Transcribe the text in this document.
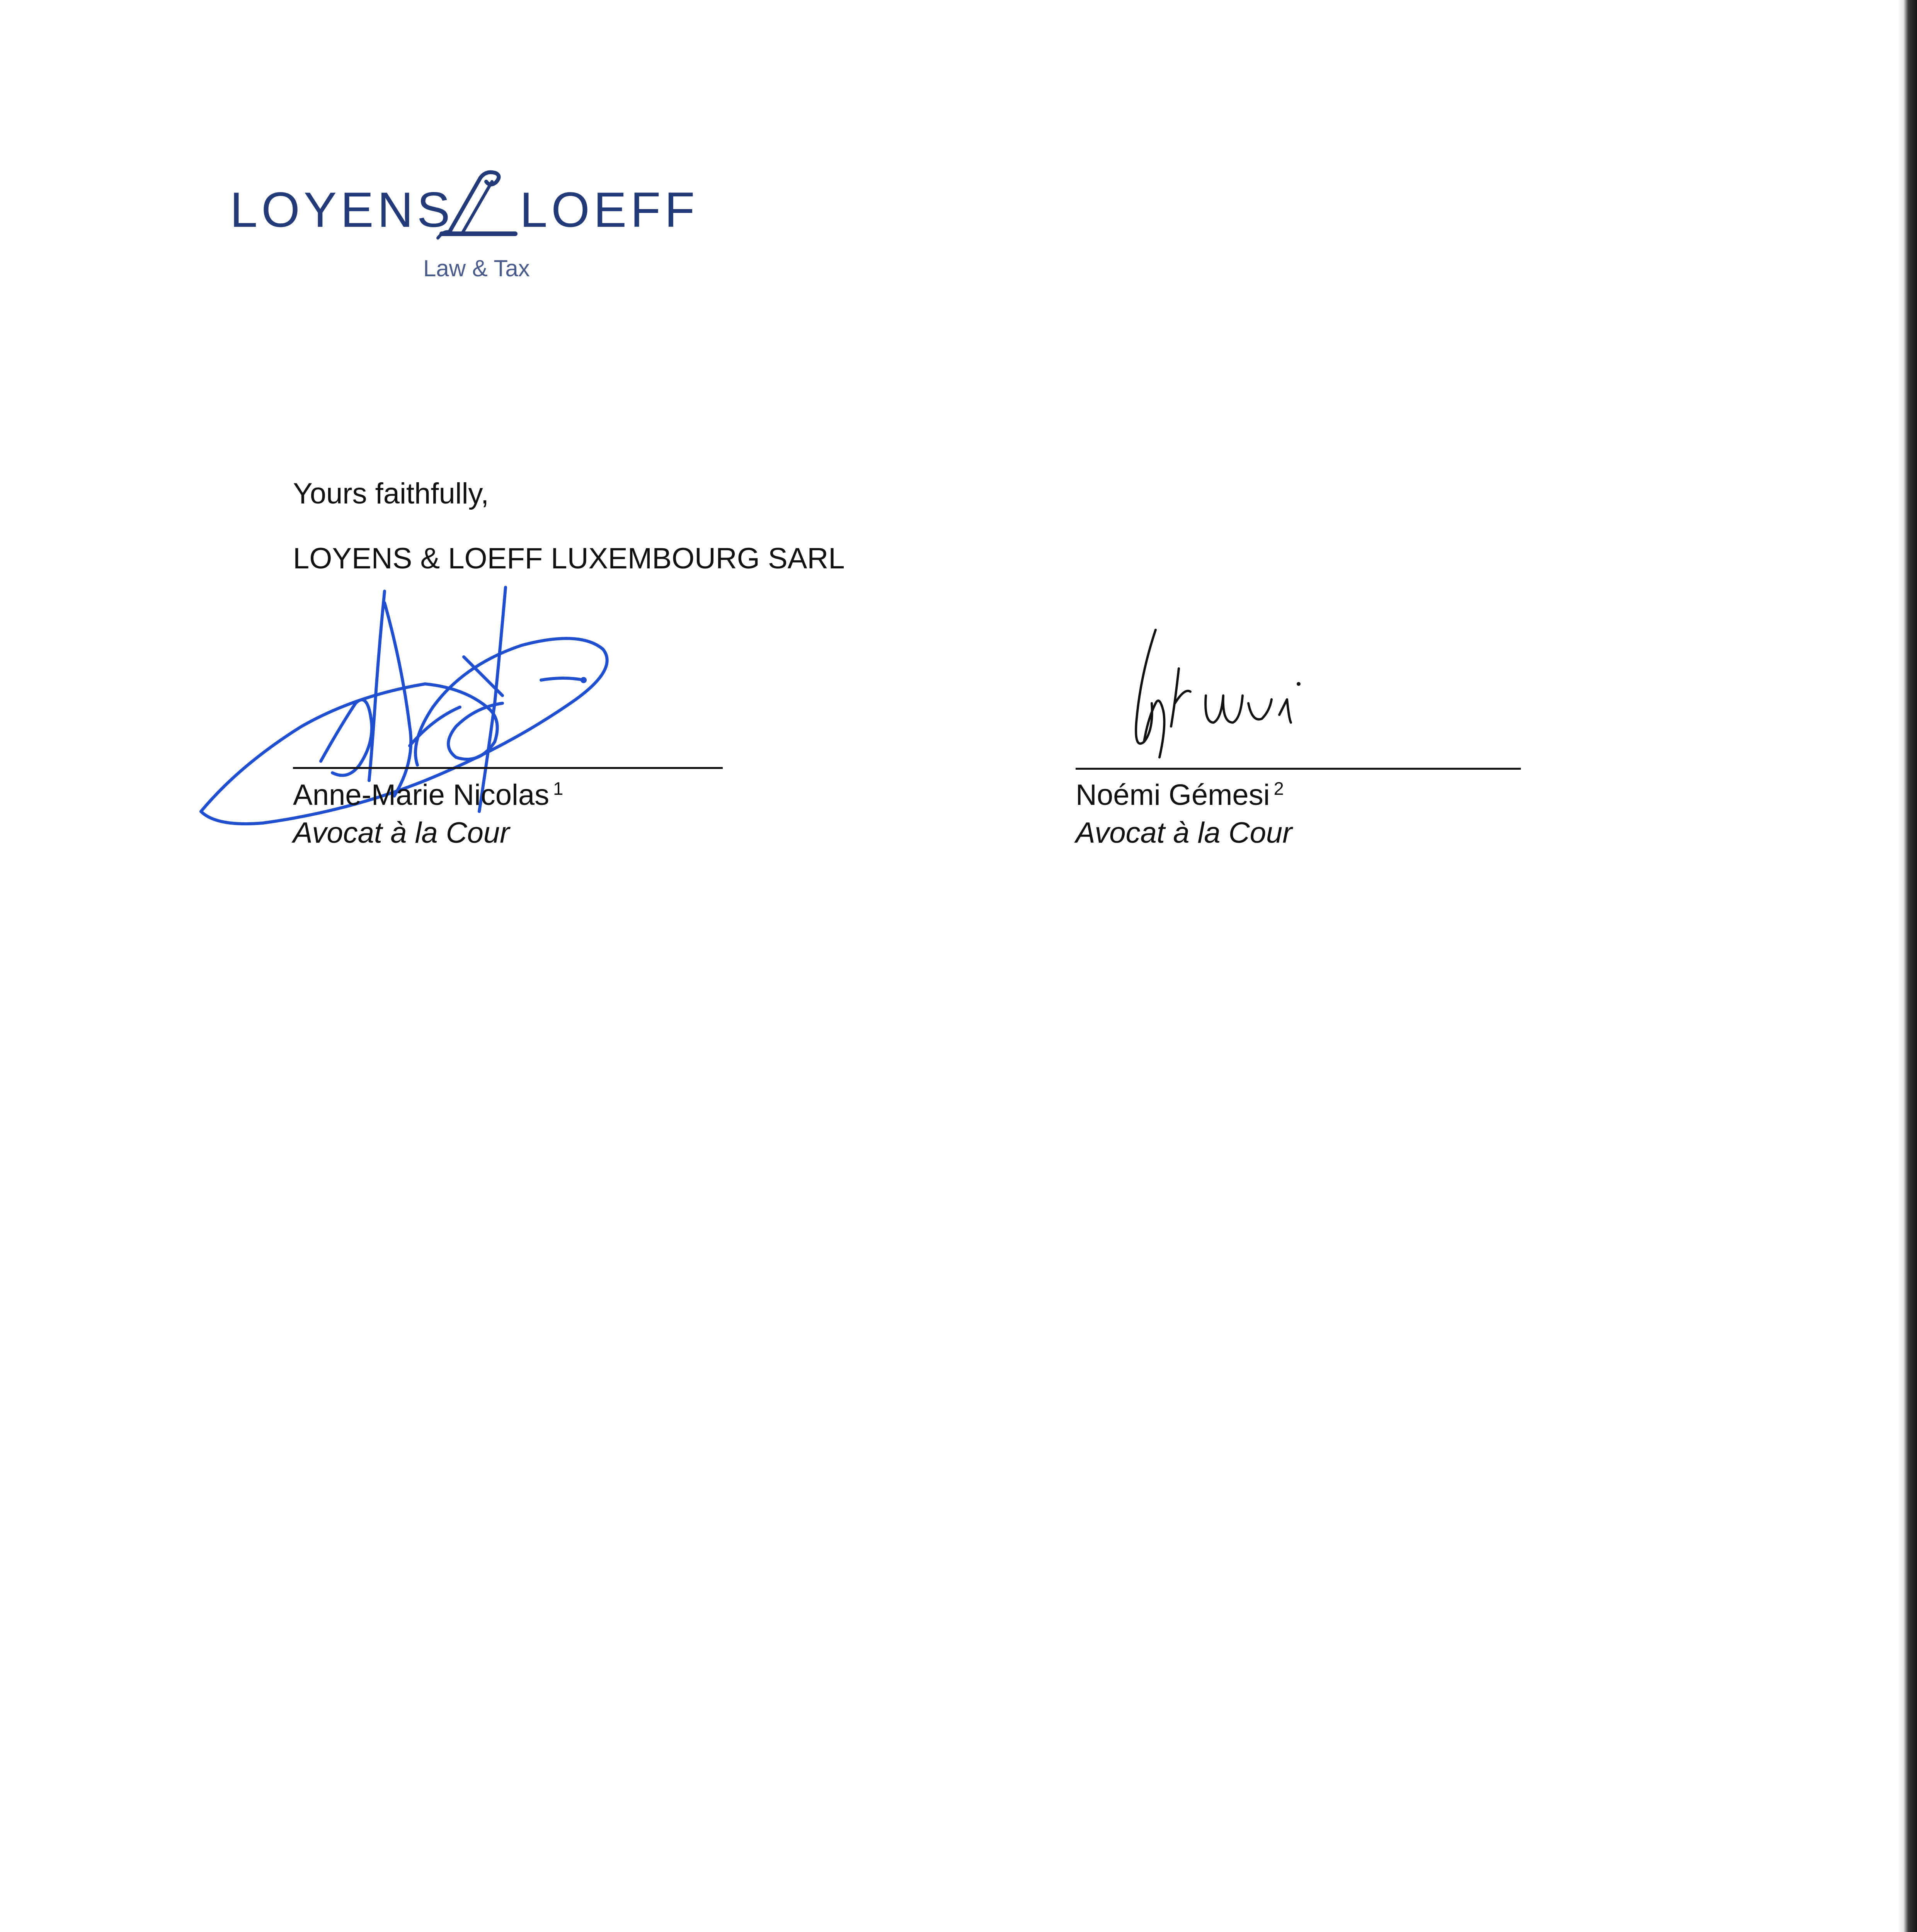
LOYENS LOEFF
Law & Tax
Yours faithfully,
LOYENS & LOEFF LUXEMBOURG SARL
Anne-Marie Nicolas $^1$
Avocat à la Cour
Noémi Gémesi $^2$
Avocat à la Cour
